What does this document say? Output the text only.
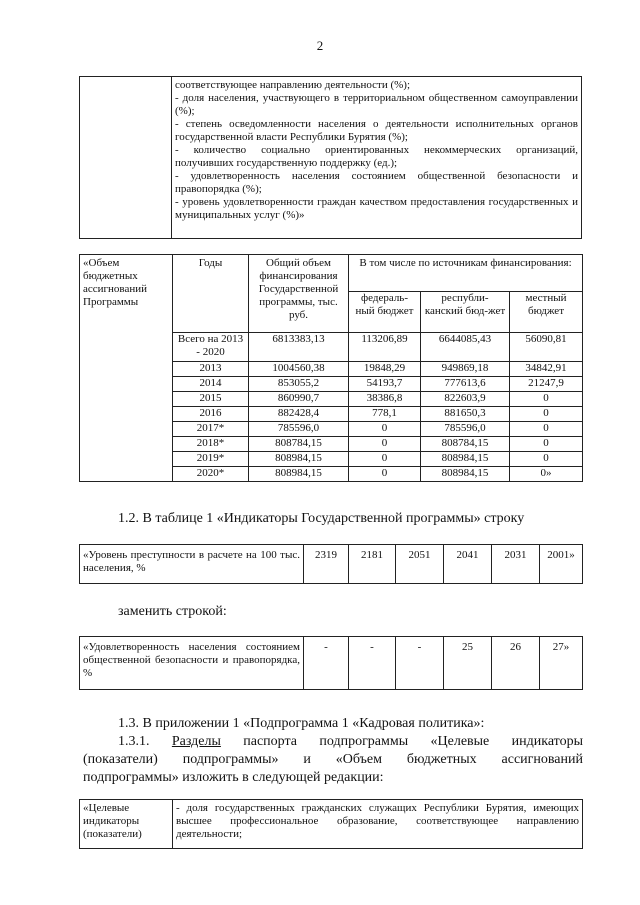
2

соответствующее направлению деятельности (%);
- доля населения, участвующего в территориальном общественном самоуправлении (%);
- степень осведомленности населения о деятельности исполнительных органов государственной власти Республики Бурятия (%);
- количество социально ориентированных некоммерческих организаций, получивших государственную поддержку (ед.);
- удовлетворенность населения состоянием общественной безопасности и правопорядка (%);
- уровень удовлетворенности граждан качеством предоставления государственных и муниципальных услуг (%)»
«Объем бюджетных ассигнований Программы	Годы	Общий объем финансирования Государственной программы, тыс. руб.	В том числе по источникам финансирования:		
			федераль-ный бюджет	республи-канский бюд-жет	местный бюджет
	Всего на 2013 - 2020	6813383,13	113206,89	6644085,43	56090,81
	2013	1004560,38	19848,29	949869,18	34842,91
	2014	853055,2	54193,7	777613,6	21247,9
	2015	860990,7	38386,8	822603,9	0
	2016	882428,4	778,1	881650,3	0
	2017*	785596,0	0	785596,0	0
	2018*	808784,15	0	808784,15	0
	2019*	808984,15	0	808984,15	0
	2020*	808984,15	0	808984,15	0»
1.2. В таблице 1 «Индикаторы Государственной программы» строку
«Уровень преступности в расчете на 100 тыс. населения, %	2319	2181	2051	2041	2031	2001»
заменить строкой:
«Удовлетворенность населения состоянием общественной безопасности и правопорядка, %	-	-	-	25	26	27»
1.3. В приложении 1 «Подпрограмма 1 «Кадровая политика»:
1.3.1. Разделы паспорта подпрограммы «Целевые индикаторы
(показатели) подпрограммы» и «Объем бюджетных ассигнований
подпрограммы» изложить в следующей редакции:
«Целевые индикаторы (показатели)	- доля государственных гражданских служащих Республики Бурятия, имеющих высшее профессиональное образование, соответствующее направлению деятельности;
